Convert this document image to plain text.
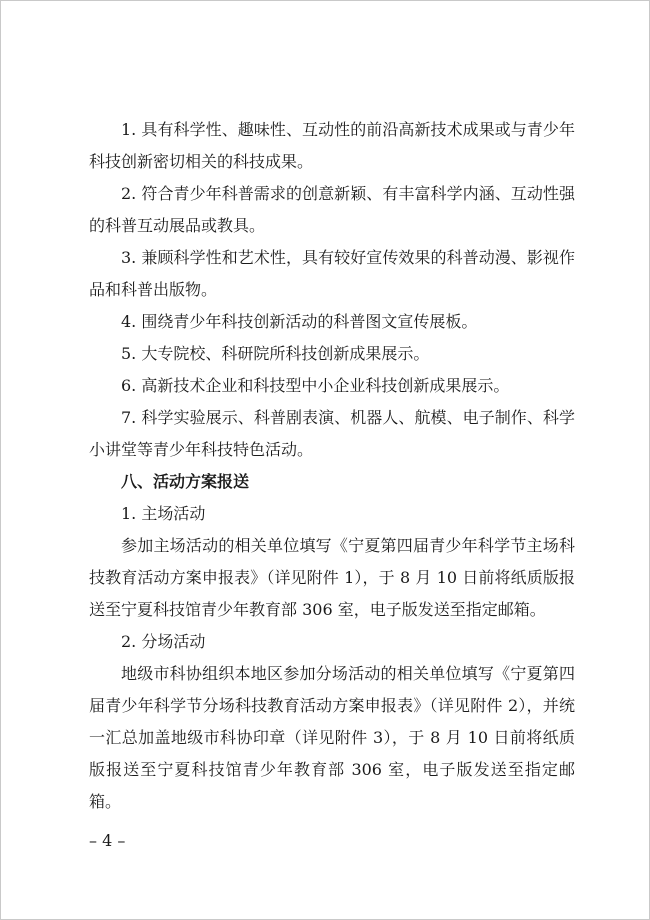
1. 具有科学性、趣味性、互动性的前沿高新技术成果或与青少年科技创新密切相关的科技成果。

2. 符合青少年科普需求的创意新颖、有丰富科学内涵、互动性强的科普互动展品或教具。

3. 兼顾科学性和艺术性，具有较好宣传效果的科普动漫、影视作品和科普出版物。

4. 围绕青少年科技创新活动的科普图文宣传展板。

5. 大专院校、科研院所科技创新成果展示。

6. 高新技术企业和科技型中小企业科技创新成果展示。

7. 科学实验展示、科普剧表演、机器人、航模、电子制作、科学小讲堂等青少年科技特色活动。

八、活动方案报送

1. 主场活动

参加主场活动的相关单位填写《宁夏第四届青少年科学节主场科技教育活动方案申报表》（详见附件 1），于 8 月 10 日前将纸质版报送至宁夏科技馆青少年教育部 306 室，电子版发送至指定邮箱。

2. 分场活动

地级市科协组织本地区参加分场活动的相关单位填写《宁夏第四届青少年科学节分场科技教育活动方案申报表》（详见附件 2），并统一汇总加盖地级市科协印章（详见附件 3），于 8 月 10 日前将纸质版报送至宁夏科技馆青少年教育部 306 室，电子版发送至指定邮箱。

– 4 –
